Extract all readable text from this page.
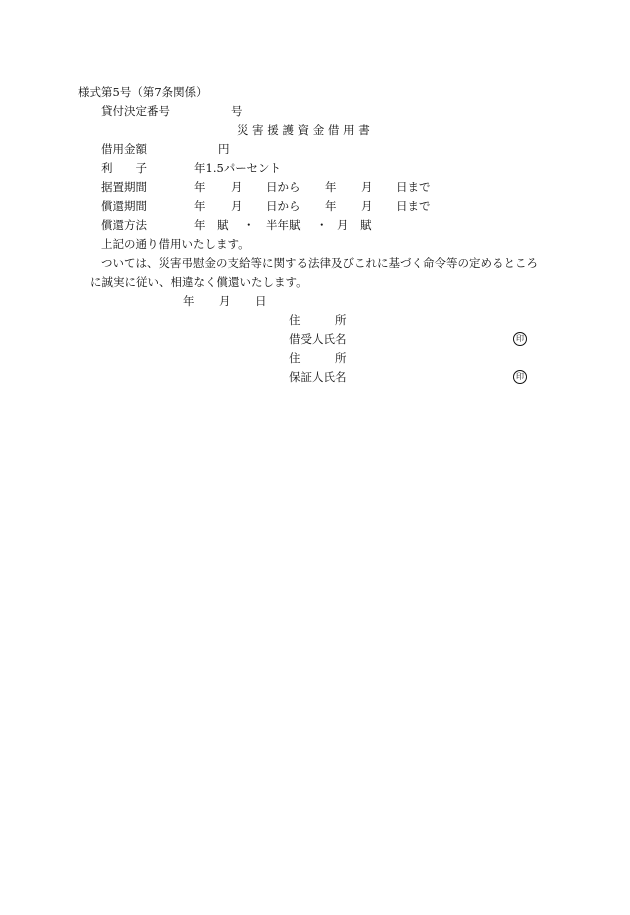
様式第5号（第7条関係）
貸付決定番号	号
災 害 援 護 資 金 借 用 書
借用金額	円
利　　子	年1.5パーセント
据置期間	年 月 日から 年 月 日まで
償還期間	年 月 日から 年 月 日まで
償還方法	年　賦 ・ 半年賦 ・ 月　賦
上記の通り借用いたします。
ついては、災害弔慰金の支給等に関する法律及びこれに基づく命令等の定めるところ
に誠実に従い、相違なく償還いたします。
年 月 日
住　　　所
借受人氏名	印
住　　　所
保証人氏名	印
